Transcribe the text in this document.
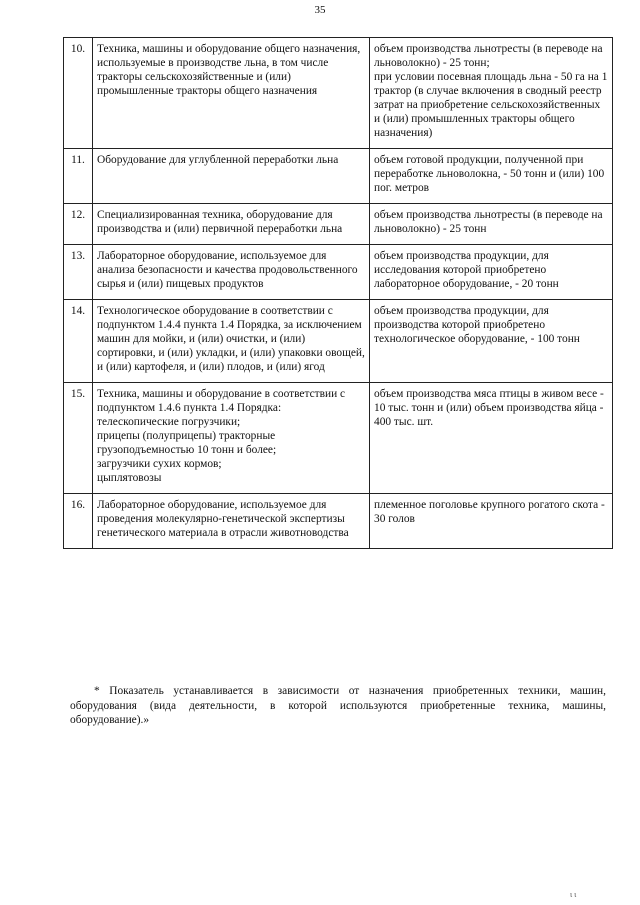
35
10.	Техника, машины и оборудование общего назначения, используемые в производстве льна, в том числе тракторы сельскохозяйственные и (или) промышленные тракторы общего назначения	объем производства льнотресты (в переводе на льноволокно) - 25 тонн;
при условии посевная площадь льна - 50 га на 1 трактор (в случае включения в сводный реестр затрат на приобретение сельскохозяйственных и (или) промышленных тракторы общего назначения)

11.	Оборудование для углубленной переработки льна	объем готовой продукции, полученной при переработке льноволокна, - 50 тонн и (или) 100 пог. метров

12.	Специализированная техника, оборудование для производства и (или) первичной переработки льна	объем производства льнотресты (в переводе на льноволокно) - 25 тонн

13.	Лабораторное оборудование, используемое для анализа безопасности и качества продовольственного сырья и (или) пищевых продуктов	объем производства продукции, для исследования которой приобретено лабораторное оборудование, - 20 тонн

14.	Технологическое оборудование в соответствии с подпунктом 1.4.4 пункта 1.4 Порядка, за исключением машин для мойки, и (или) очистки, и (или) сортировки, и (или) укладки, и (или) упаковки овощей, и (или) картофеля, и (или) плодов, и (или) ягод	объем производства продукции, для производства которой приобретено технологическое оборудование, - 100 тонн

15.	Техника, машины и оборудование в соответствии с подпунктом 1.4.6 пункта 1.4 Порядка:
телескопические погрузчики;
прицепы (полуприцепы) тракторные грузоподъемностью 10 тонн и более;
загрузчики сухих кормов;
цыплятовозы	объем производства мяса птицы в живом весе - 10 тыс. тонн и (или) объем производства яйца - 400 тыс. шт.

16.	Лабораторное оборудование, используемое для проведения молекулярно-генетической экспертизы генетического материала в отрасли животноводства	племенное поголовье крупного рогатого скота - 30 голов
* Показатель устанавливается в зависимости от назначения приобретенных техники, машин, оборудования (вида деятельности, в которой используются приобретенные техника, машины, оборудование).»
ι ι
